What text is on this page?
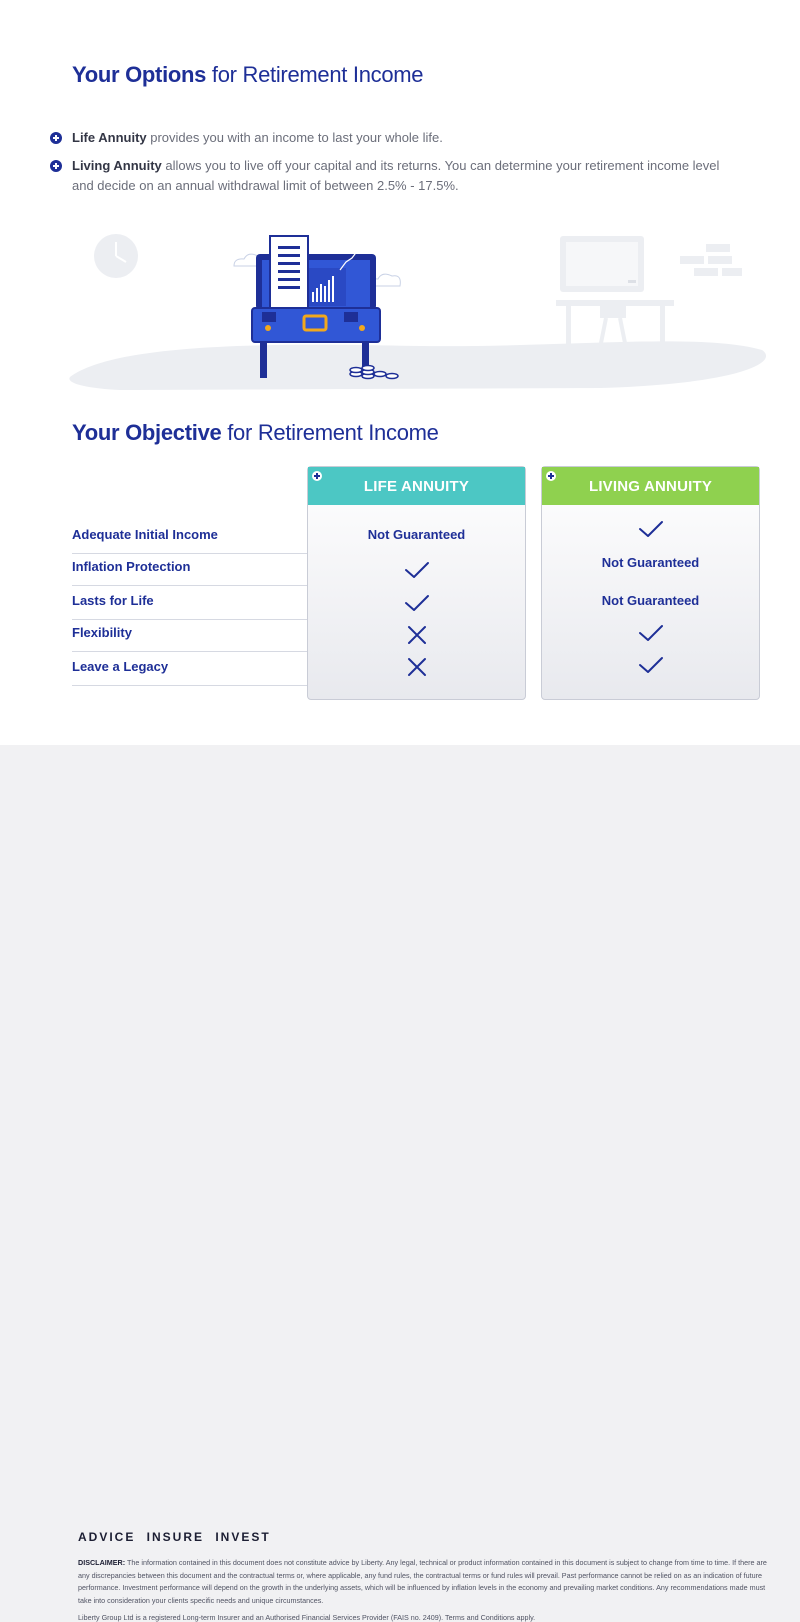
Your Options for Retirement Income
Life Annuity provides you with an income to last your whole life.
Living Annuity allows you to live off your capital and its returns. You can determine your retirement income level and decide on an annual withdrawal limit of between 2.5% - 17.5%.
Your Objective for Retirement Income
Adequate Initial Income
Inflation Protection
Lasts for Life
Flexibility
Leave a Legacy
LIFE ANNUITY
Not Guaranteed
LIVING ANNUITY
Not Guaranteed
Not Guaranteed
ADVICE INSURE INVEST
DISCLAIMER: The information contained in this document does not constitute advice by Liberty. Any legal, technical or product information contained in this document is subject to change from time to time. If there are any discrepancies between this document and the contractual terms or, where applicable, any fund rules, the contractual terms or fund rules will prevail. Past performance cannot be relied on as an indication of future performance. Investment performance will depend on the growth in the underlying assets, which will be influenced by inflation levels in the economy and prevailing market conditions. Any recommendations made must take into consideration your clients specific needs and unique circumstances.
Liberty Group Ltd is a registered Long-term Insurer and an Authorised Financial Services Provider (FAIS no. 2409). Terms and Conditions apply.
